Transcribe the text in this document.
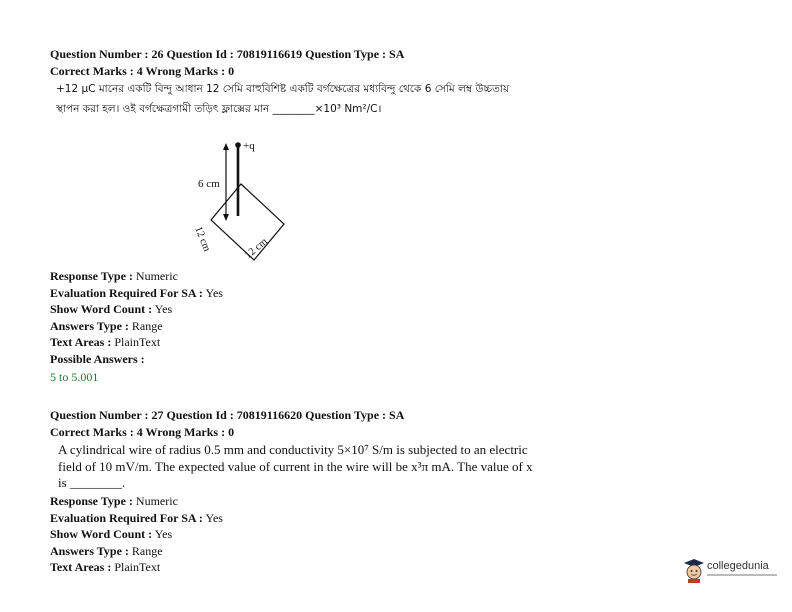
Question Number : 26 Question Id : 70819116619 Question Type : SA
Correct Marks : 4 Wrong Marks : 0
+12 μC মানের একটি বিন্দু আধান 12 সেমি বাহুবিশিষ্ট একটি বর্গক্ষেত্রের মধ্যবিন্দু থেকে 6 সেমি লম্ব উচ্চতায়
স্থাপন করা হল। ওই বর্গক্ষেত্রগামী তড়িৎ ফ্লাক্সের মান ________×10³ Nm²/C।
+q
6 cm
12 cm	12 cm
Response Type : Numeric
Evaluation Required For SA : Yes
Show Word Count : Yes
Answers Type : Range
Text Areas : PlainText
Possible Answers :
5 to 5.001
Question Number : 27 Question Id : 70819116620 Question Type : SA
Correct Marks : 4 Wrong Marks : 0
A cylindrical wire of radius 0.5 mm and conductivity 5×10⁷ S/m is subjected to an electric
field of 10 mV/m. The expected value of current in the wire will be x³π mA. The value of x
is ________.
Response Type : Numeric
Evaluation Required For SA : Yes
Show Word Count : Yes
Answers Type : Range
Text Areas : PlainText	collegedunia
